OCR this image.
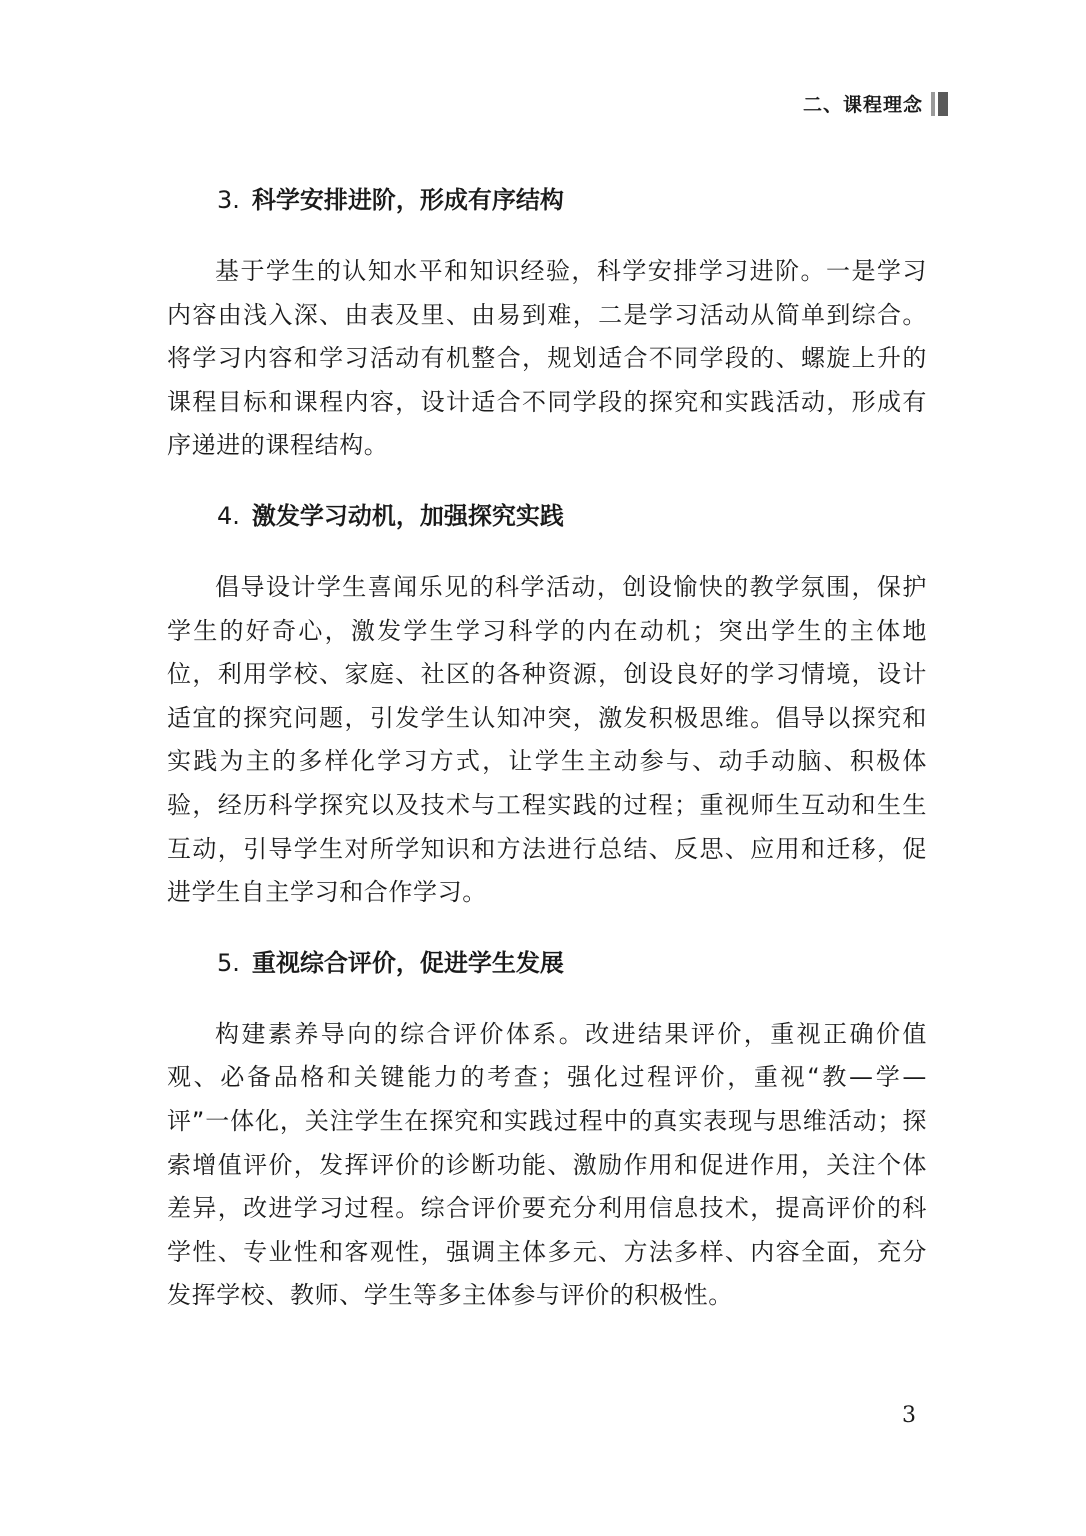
二、课程理念
3. 科学安排进阶，形成有序结构

基于学生的认知水平和知识经验，科学安排学习进阶。一是学习内容由浅入深、由表及里、由易到难，二是学习活动从简单到综合。将学习内容和学习活动有机整合，规划适合不同学段的、螺旋上升的课程目标和课程内容，设计适合不同学段的探究和实践活动，形成有序递进的课程结构。

4. 激发学习动机，加强探究实践

倡导设计学生喜闻乐见的科学活动，创设愉快的教学氛围，保护学生的好奇心，激发学生学习科学的内在动机；突出学生的主体地位，利用学校、家庭、社区的各种资源，创设良好的学习情境，设计适宜的探究问题，引发学生认知冲突，激发积极思维。倡导以探究和实践为主的多样化学习方式，让学生主动参与、动手动脑、积极体验，经历科学探究以及技术与工程实践的过程；重视师生互动和生生互动，引导学生对所学知识和方法进行总结、反思、应用和迁移，促进学生自主学习和合作学习。

5. 重视综合评价，促进学生发展

构建素养导向的综合评价体系。改进结果评价，重视正确价值观、必备品格和关键能力的考查；强化过程评价，重视“教—学—评”一体化，关注学生在探究和实践过程中的真实表现与思维活动；探索增值评价，发挥评价的诊断功能、激励作用和促进作用，关注个体差异，改进学习过程。综合评价要充分利用信息技术，提高评价的科学性、专业性和客观性，强调主体多元、方法多样、内容全面，充分发挥学校、教师、学生等多主体参与评价的积极性。

3
